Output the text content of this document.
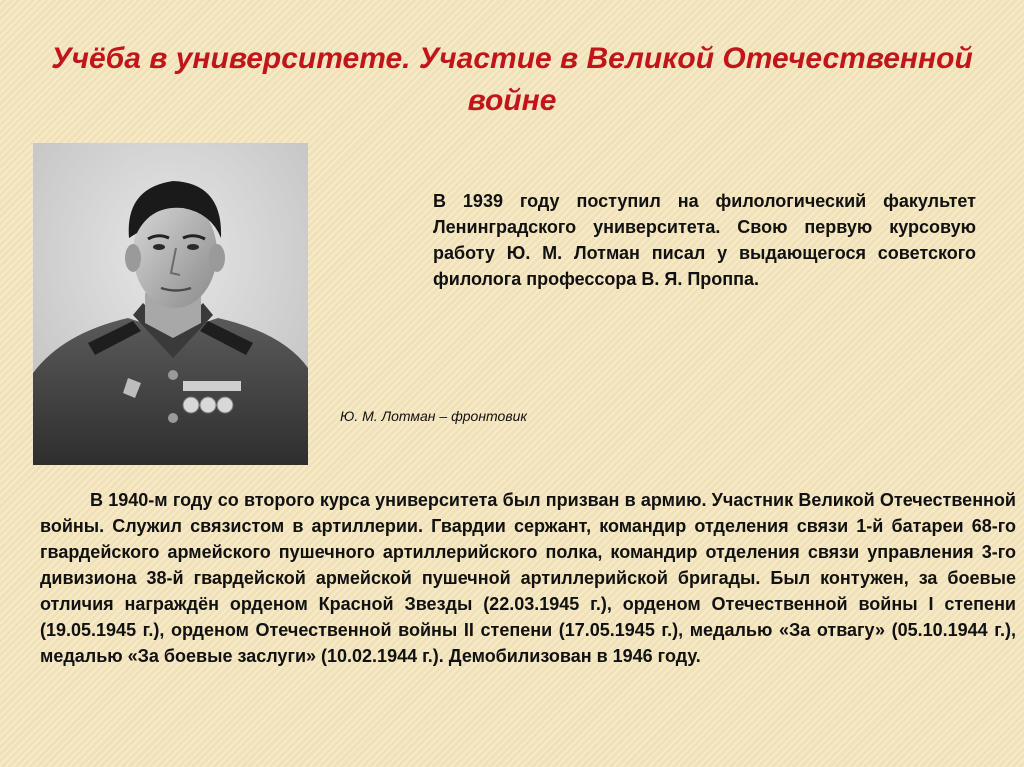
Учёба в университете. Участие в Великой Отечественной войне
Ю. М. Лотман – фронтовик

В 1939 году поступил на филологический факультет Ленинградского университета. Свою первую курсовую работу Ю. М. Лотман писал у выдающегося советского филолога профессора В. Я. Проппа.

В 1940-м году со второго курса университета был призван в армию. Участник Великой Отечественной войны. Служил связистом в артиллерии. Гвардии сержант, командир отделения связи 1-й батареи 68-го гвардейского армейского пушечного артиллерийского полка, командир отделения связи управления 3-го дивизиона 38-й гвардейской армейской пушечной артиллерийской бригады. Был контужен, за боевые отличия награждён орденом Красной Звезды (22.03.1945 г.), орденом Отечественной войны I степени (19.05.1945 г.), орденом Отечественной войны II степени (17.05.1945 г.), медалью «За отвагу» (05.10.1944 г.), медалью «За боевые заслуги» (10.02.1944 г.). Демобилизован в 1946 году.
